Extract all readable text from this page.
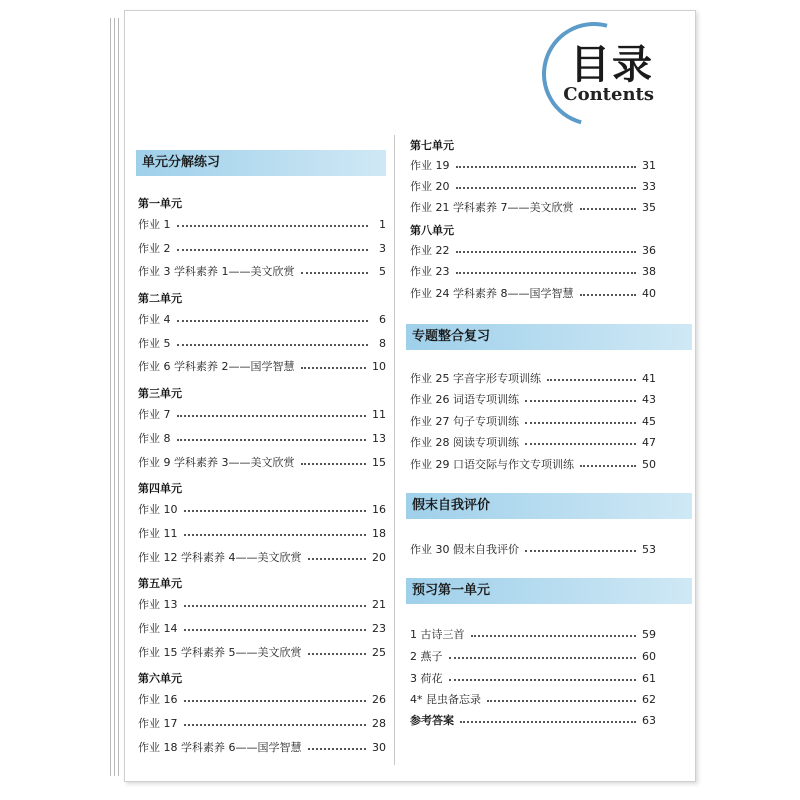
目录
Contents
单元分解练习
专题整合复习
假末自我评价
预习第一单元
第一单元
第二单元
第三单元
第四单元
第五单元
第六单元
第七单元
第八单元
作业 1	1
作业 2	3
作业 3 学科素养 1——美文欣赏	5
作业 4	6
作业 5	8
作业 6 学科素养 2——国学智慧	10
作业 7	11
作业 8	13
作业 9 学科素养 3——美文欣赏	15
作业 10	16
作业 11	18
作业 12 学科素养 4——美文欣赏	20
作业 13	21
作业 14	23
作业 15 学科素养 5——美文欣赏	25
作业 16	26
作业 17	28
作业 18 学科素养 6——国学智慧	30
作业 19	31
作业 20	33
作业 21 学科素养 7——美文欣赏	35
作业 22	36
作业 23	38
作业 24 学科素养 8——国学智慧	40
作业 25 字音字形专项训练	41
作业 26 词语专项训练	43
作业 27 句子专项训练	45
作业 28 阅读专项训练	47
作业 29 口语交际与作文专项训练	50
作业 30 假末自我评价	53
1 古诗三首	59
2 燕子	60
3 荷花	61
4* 昆虫备忘录	62
参考答案	63
